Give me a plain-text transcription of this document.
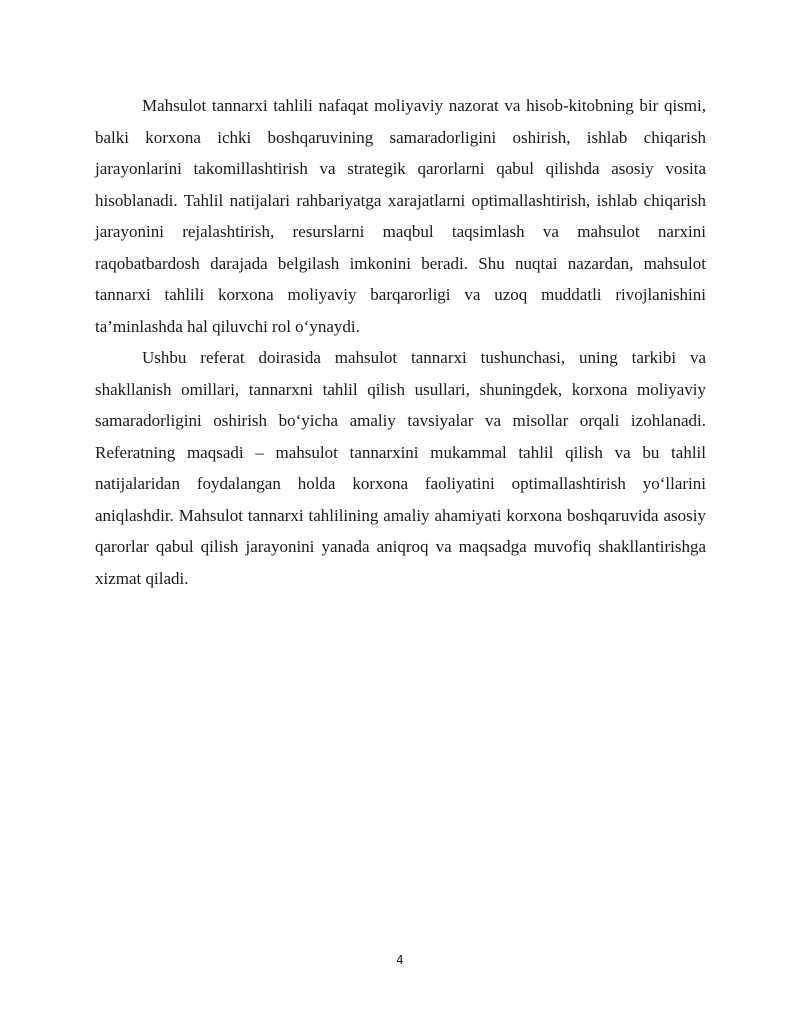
Mahsulot tannarxi tahlili nafaqat moliyaviy nazorat va hisob-kitobning bir qismi, balki korxona ichki boshqaruvining samaradorligini oshirish, ishlab chiqarish jarayonlarini takomillashtirish va strategik qarorlarni qabul qilishda asosiy vosita hisoblanadi. Tahlil natijalari rahbariyatga xarajatlarni optimallashtirish, ishlab chiqarish jarayonini rejalashtirish, resurslarni maqbul taqsimlash va mahsulot narxini raqobatbardosh darajada belgilash imkonini beradi. Shu nuqtai nazardan, mahsulot tannarxi tahlili korxona moliyaviy barqarorligi va uzoq muddatli rivojlanishini ta’minlashda hal qiluvchi rol o‘ynaydi.

Ushbu referat doirasida mahsulot tannarxi tushunchasi, uning tarkibi va shakllanish omillari, tannarxni tahlil qilish usullari, shuningdek, korxona moliyaviy samaradorligini oshirish bo‘yicha amaliy tavsiyalar va misollar orqali izohlanadi. Referatning maqsadi – mahsulot tannarxini mukammal tahlil qilish va bu tahlil natijalaridan foydalangan holda korxona faoliyatini optimallashtirish yo‘llarini aniqlashdir. Mahsulot tannarxi tahlilining amaliy ahamiyati korxona boshqaruvida asosiy qarorlar qabul qilish jarayonini yanada aniqroq va maqsadga muvofiq shakllantirishga xizmat qiladi.

4
